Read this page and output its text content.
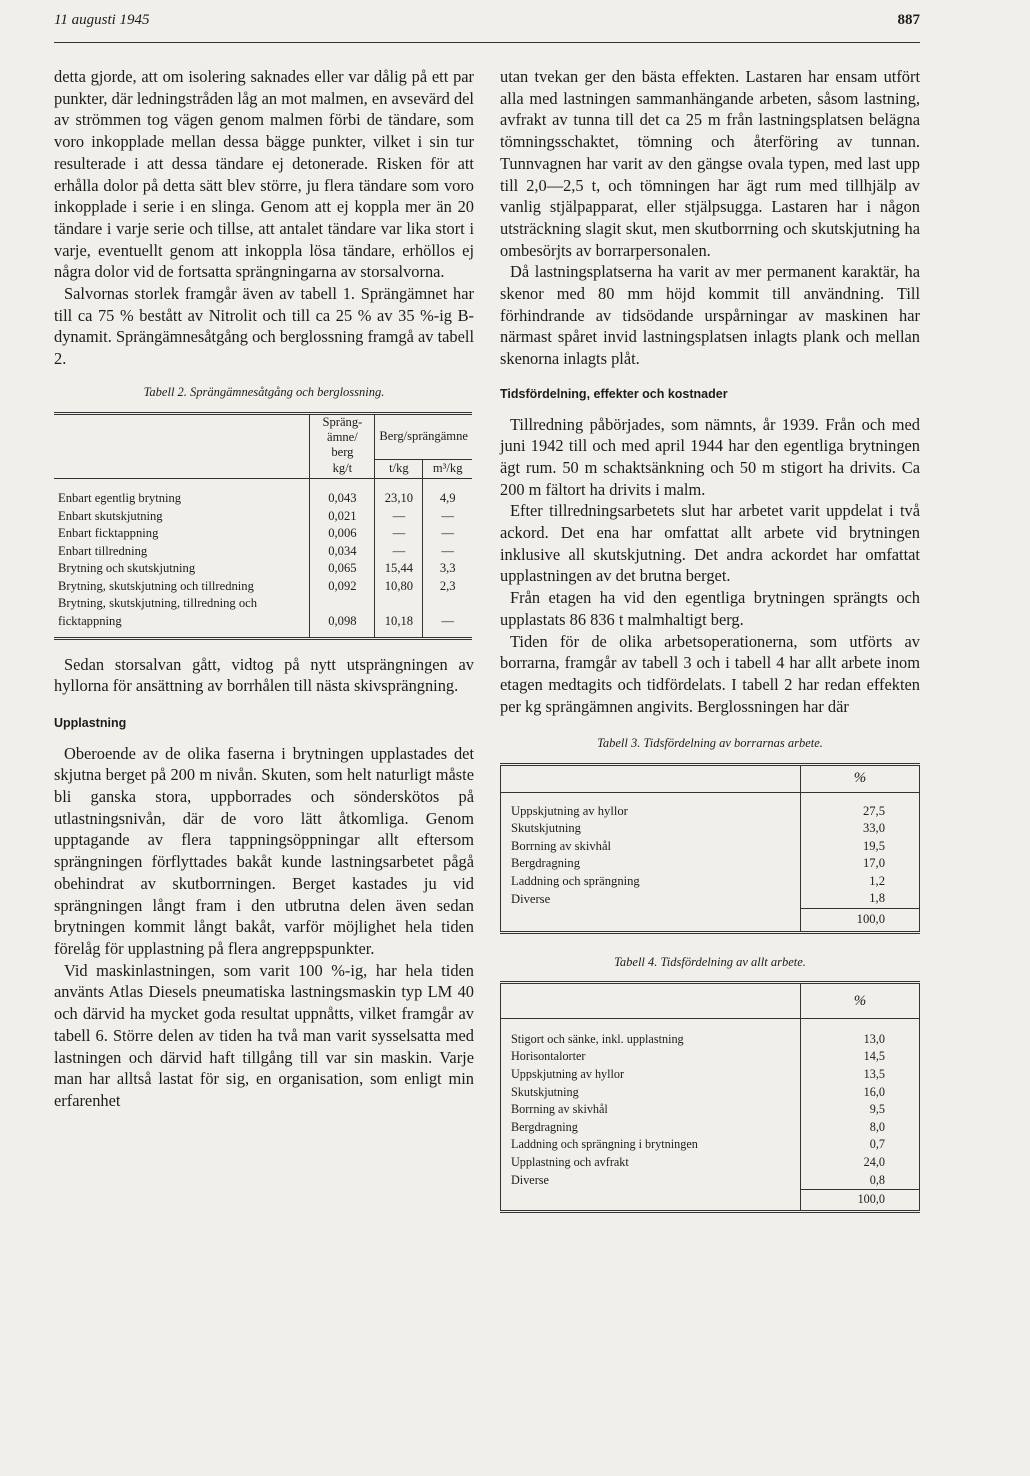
11 augusti 1945	887

detta gjorde, att om isolering saknades eller var dålig på ett par punkter, där ledningstråden låg an mot malmen, en avsevärd del av strömmen tog vägen genom malmen förbi de tändare, som voro inkopplade mellan dessa bägge punkter, vilket i sin tur resulterade i att dessa tändare ej detonerade. Risken för att erhålla dolor på detta sätt blev större, ju flera tändare som voro inkopplade i serie i en slinga. Genom att ej koppla mer än 20 tändare i varje serie och tillse, att antalet tändare var lika stort i varje, eventuellt genom att inkoppla lösa tändare, erhöllos ej några dolor vid de fortsatta sprängningarna av storsalvorna.

Salvornas storlek framgår även av tabell 1. Sprängämnet har till ca 75 % bestått av Nitrolit och till ca 25 % av 35 %-ig B-dynamit. Sprängämnesåtgång och berglossning framgå av tabell 2.

Tabell 2. Sprängämnesåtgång och berglossning.
	Spräng-ämne/ berg	Berg/sprängämne	
	kg/t	t/kg	m³/kg

Enbart egentlig brytning	0,043	23,10	4,9
Enbart skutskjutning	0,021	—	—
Enbart ficktappning	0,006	—	—
Enbart tillredning	0,034	—	—
Brytning och skutskjutning	0,065	15,44	3,3
Brytning, skutskjutning och tillredning	0,092	10,80	2,3
Brytning, skutskjutning, tillredning och ficktappning	0,098	10,18	—

Sedan storsalvan gått, vidtog på nytt utsprängningen av hyllorna för ansättning av borrhålen till nästa skivsprängning.

Upplastning

Oberoende av de olika faserna i brytningen upplastades det skjutna berget på 200 m nivån. Skuten, som helt naturligt måste bli ganska stora, uppborrades och sönderskötos på utlastningsnivån, där de voro lätt åtkomliga. Genom upptagande av flera tappningsöppningar allt eftersom sprängningen förflyttades bakåt kunde lastningsarbetet pågå obehindrat av skutborrningen. Berget kastades ju vid sprängningen långt fram i den utbrutna delen även sedan brytningen kommit långt bakåt, varför möjlighet hela tiden förelåg för upplastning på flera angreppspunkter.

Vid maskinlastningen, som varit 100 %-ig, har hela tiden använts Atlas Diesels pneumatiska lastningsmaskin typ LM 40 och därvid ha mycket goda resultat uppnåtts, vilket framgår av tabell 6. Större delen av tiden ha två man varit sysselsatta med lastningen och därvid haft tillgång till var sin maskin. Varje man har alltså lastat för sig, en organisation, som enligt min erfarenhet

utan tvekan ger den bästa effekten. Lastaren har ensam utfört alla med lastningen sammanhängande arbeten, såsom lastning, avfrakt av tunna till det ca 25 m från lastningsplatsen belägna tömningsschaktet, tömning och återföring av tunnan. Tunnvagnen har varit av den gängse ovala typen, med last upp till 2,0—2,5 t, och tömningen har ägt rum med tillhjälp av vanlig stjälpapparat, eller stjälpsugga. Lastaren har i någon utsträckning slagit skut, men skutborrning och skutskjutning ha ombesörjts av borrarpersonalen.

Då lastningsplatserna ha varit av mer permanent karaktär, ha skenor med 80 mm höjd kommit till användning. Till förhindrande av tidsödande urspårningar av maskinen har närmast spåret invid lastningsplatsen inlagts plank och mellan skenorna inlagts plåt.

Tidsfördelning, effekter och kostnader

Tillredning påbörjades, som nämnts, år 1939. Från och med juni 1942 till och med april 1944 har den egentliga brytningen ägt rum. 50 m schaktsänkning och 50 m stigort ha drivits. Ca 200 m fältort ha drivits i malm.

Efter tillredningsarbetets slut har arbetet varit uppdelat i två ackord. Det ena har omfattat allt arbete vid brytningen inklusive all skutskjutning. Det andra ackordet har omfattat upplastningen av det brutna berget.

Från etagen ha vid den egentliga brytningen sprängts och upplastats 86 836 t malmhaltigt berg.

Tiden för de olika arbetsoperationerna, som utförts av borrarna, framgår av tabell 3 och i tabell 4 har allt arbete inom etagen medtagits och tidfördelats. I tabell 2 har redan effekten per kg sprängämnen angivits. Berglossningen har där

Tabell 3. Tidsfördelning av borrarnas arbete.
	%

Uppskjutning av hyllor	27,5
Skutskjutning	33,0
Borrning av skivhål	19,5
Bergdragning	17,0
Laddning och sprängning	1,2
Diverse	1,8
	100,0
Tabell 4. Tidsfördelning av allt arbete.
	%

Stigort och sänke, inkl. upplastning	13,0
Horisontalorter	14,5
Uppskjutning av hyllor	13,5
Skutskjutning	16,0
Borrning av skivhål	9,5
Bergdragning	8,0
Laddning och sprängning i brytningen	0,7
Upplastning och avfrakt	24,0
Diverse	0,8
	100,0
